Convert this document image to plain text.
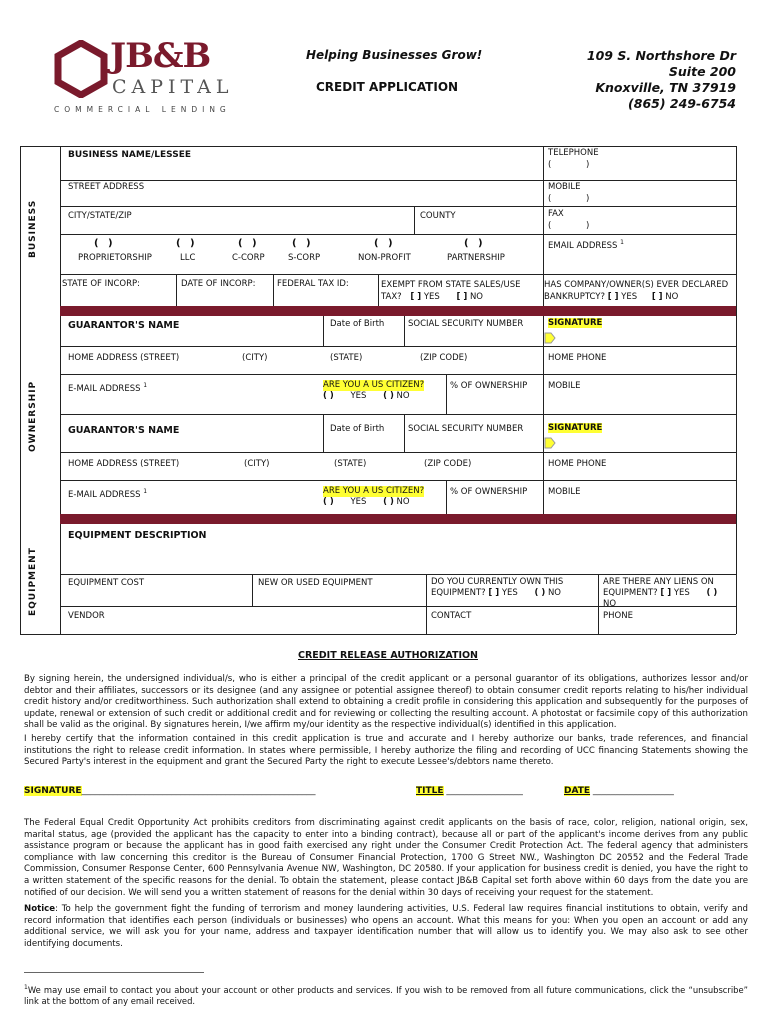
JB&B
CAPITAL
COMMERCIAL LENDING
Helping Businesses Grow!
CREDIT APPLICATION
109 S. Northshore Dr
Suite 200
Knoxville, TN 37919
(865) 249-6754
BUSINESS
OWNERSHIP
EQUIPMENT
BUSINESS NAME/LESSEE	TELEPHONE
(	)
STREET ADDRESS	MOBILE
(	)
CITY/STATE/ZIP	COUNTY	FAX
(	)
( )	( )	( )	( )	( )	( )
PROPRIETORSHIP	LLC	C-CORP	S-CORP	NON-PROFIT	PARTNERSHIP
EMAIL ADDRESS $^1$
STATE OF INCORP:	DATE OF INCORP:	FEDERAL TAX ID:	EXEMPT FROM STATE SALES/USE
TAX? [ ] YES [ ] NO
HAS COMPANY/OWNER(S) EVER DECLARED
BANKRUPTCY? [ ] YES [ ] NO
GUARANTOR'S NAME	Date of Birth	SOCIAL SECURITY NUMBER	SIGNATURE
HOME ADDRESS (STREET)	(CITY)	(STATE)	(ZIP CODE)	HOME PHONE
E-MAIL ADDRESS $^1$	ARE YOU A US CITIZEN?
( ) YES ( ) NO
% OF OWNERSHIP MOBILE
GUARANTOR'S NAME	Date of Birth	SOCIAL SECURITY NUMBER	SIGNATURE
HOME ADDRESS (STREET)	(CITY)	(STATE)	(ZIP CODE)	HOME PHONE
E-MAIL ADDRESS $^1$	ARE YOU A US CITIZEN?
( ) YES ( ) NO
% OF OWNERSHIP MOBILE
EQUIPMENT DESCRIPTION
EQUIPMENT COST	NEW OR USED EQUIPMENT	DO YOU CURRENTLY OWN THIS
EQUIPMENT? [ ] YES ( ) NO
ARE THERE ANY LIENS ON
EQUIPMENT? [ ] YES ( )
NO
VENDOR	CONTACT	PHONE
CREDIT RELEASE AUTHORIZATION
By signing herein, the undersigned individual/s, who is either a principal of the credit applicant or a personal guarantor of its obligations, authorizes lessor and/or debtor and their affiliates, successors or its designee (and any assignee or potential assignee thereof) to obtain consumer credit reports relating to his/her individual credit history and/or creditworthiness. Such authorization shall extend to obtaining a credit profile in considering this application and subsequently for the purposes of update, renewal or extension of such credit or additional credit and for reviewing or collecting the resulting account. A photostat or facsimile copy of this authorization shall be valid as the original. By signatures herein, I/we affirm my/our identity as the respective individual(s) identified in this application.
I hereby certify that the information contained in this credit application is true and accurate and I hereby authorize our banks, trade references, and financial institutions the right to release credit information. In states where permissible, I hereby authorize the filing and recording of UCC financing Statements showing the Secured Party's interest in the equipment and grant the Secured Party the right to execute Lessee's/debtors name thereto.
SIGNATURE____________________________________________________	TITLE _________________	DATE __________________
The Federal Equal Credit Opportunity Act prohibits creditors from discriminating against credit applicants on the basis of race, color, religion, national origin, sex, marital status, age (provided the applicant has the capacity to enter into a binding contract), because all or part of the applicant's income derives from any public assistance program or because the applicant has in good faith exercised any right under the Consumer Credit Protection Act. The federal agency that administers compliance with law concerning this creditor is the Bureau of Consumer Financial Protection, 1700 G Street NW., Washington DC 20552 and the Federal Trade Commission, Consumer Response Center, 600 Pennsylvania Avenue NW, Washington, DC 20580. If your application for business credit is denied, you have the right to a written statement of the specific reasons for the denial. To obtain the statement, please contact JB&B Capital set forth above within 60 days from the date you are notified of our decision. We will send you a written statement of reasons for the denial within 30 days of receiving your request for the statement.
Notice: To help the government fight the funding of terrorism and money laundering activities, U.S. Federal law requires financial institutions to obtain, verify and record information that identifies each person (individuals or businesses) who opens an account. What this means for you: When you open an account or add any additional service, we will ask you for your name, address and taxpayer identification number that will allow us to identify you. We may also ask to see other identifying documents.
$^1$We may use email to contact you about your account or other products and services. If you wish to be removed from all future communications, click the “unsubscribe” link at the bottom of any email received.
